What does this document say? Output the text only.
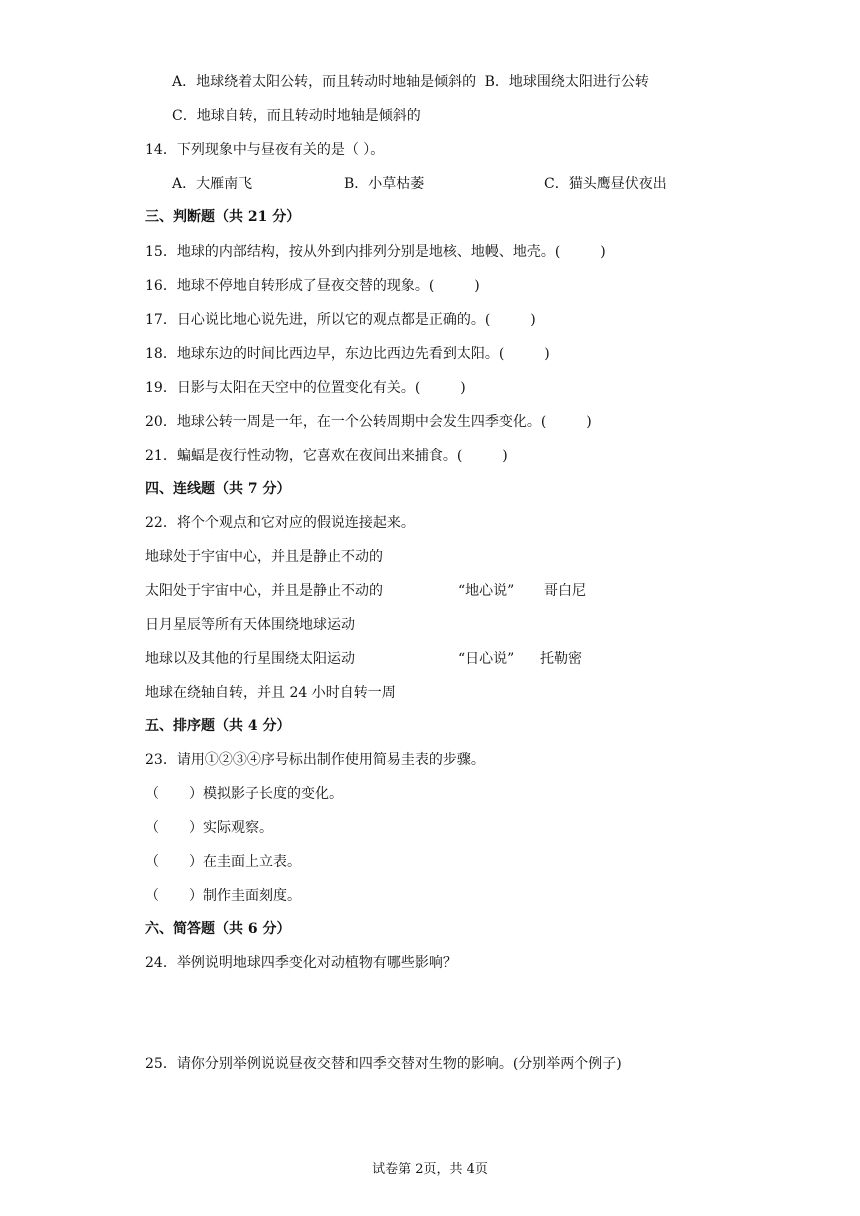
A．地球绕着太阳公转，而且转动时地轴是倾斜的 B．地球围绕太阳进行公转
C．地球自转，而且转动时地轴是倾斜的
14．下列现象中与昼夜有关的是（ ）。
A．大雁南飞	B．小草枯萎	C．猫头鹰昼伏夜出
三、判断题（共 21 分）
15．地球的内部结构，按从外到内排列分别是地核、地幔、地壳。(	)
16．地球不停地自转形成了昼夜交替的现象。(	)
17．日心说比地心说先进，所以它的观点都是正确的。(	)
18．地球东边的时间比西边早，东边比西边先看到太阳。(	)
19．日影与太阳在天空中的位置变化有关。(	)
20．地球公转一周是一年，在一个公转周期中会发生四季变化。(	)
21．蝙蝠是夜行性动物，它喜欢在夜间出来捕食。(	)
四、连线题（共 7 分）
22．将个个观点和它对应的假说连接起来。
地球处于宇宙中心，并且是静止不动的
太阳处于宇宙中心，并且是静止不动的	“地心说” 哥白尼
日月星辰等所有天体围绕地球运动
地球以及其他的行星围绕太阳运动	“日心说” 托勒密
地球在绕轴自转，并且 24 小时自转一周
五、排序题（共 4 分）
23．请用①②③④序号标出制作使用简易圭表的步骤。
（ ）模拟影子长度的变化。
（ ）实际观察。
（ ）在圭面上立表。
（ ）制作圭面刻度。
六、简答题（共 6 分）
24．举例说明地球四季变化对动植物有哪些影响？
25．请你分别举例说说昼夜交替和四季交替对生物的影响。(分别举两个例子)
试卷第 2页，共 4页
